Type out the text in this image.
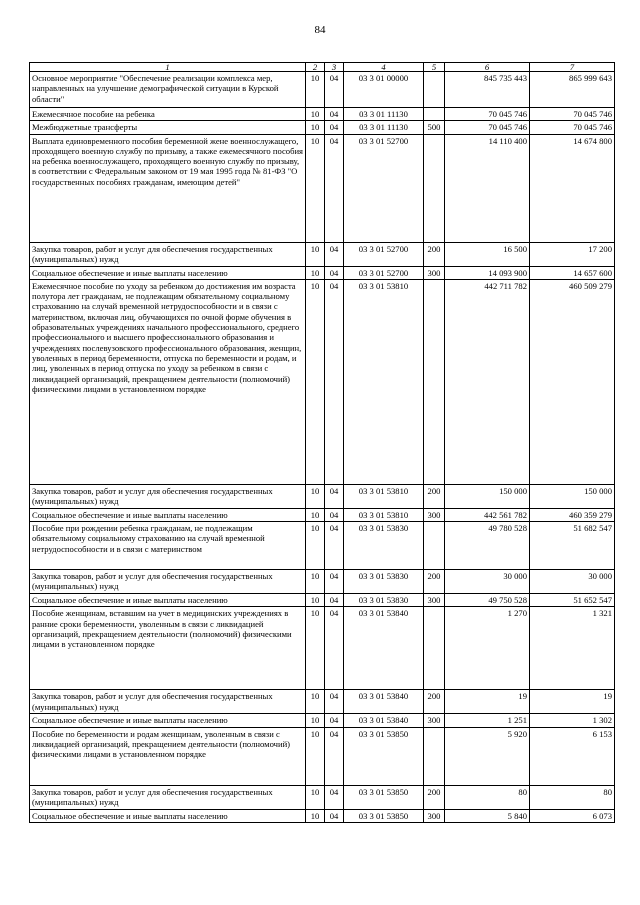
84
1	2	3	4	5	6	7
Основное мероприятие "Обеспечение реализации комплекса мер, направленных на улучшение демографической ситуации в Курской области"	10	04	03 3 01 00000		845 735 443	865 999 643
Ежемесячное пособие на ребенка	10	04	03 3 01 11130		70 045 746	70 045 746
Межбюджетные трансферты	10	04	03 3 01 11130	500	70 045 746	70 045 746
Выплата единовременного пособия беременной жене военнослужащего, проходящего военную службу по призыву, а также ежемесячного пособия на ребенка военнослужащего, проходящего военную службу по призыву, в соответствии с Федеральным законом от 19 мая 1995 года № 81-ФЗ "О государственных пособиях гражданам, имеющим детей"	10	04	03 3 01 52700		14 110 400	14 674 800
Закупка товаров, работ и услуг для обеспечения государственных (муниципальных) нужд	10	04	03 3 01 52700	200	16 500	17 200
Социальное обеспечение и иные выплаты населению	10	04	03 3 01 52700	300	14 093 900	14 657 600
Ежемесячное пособие по уходу за ребенком до достижения им возраста полутора лет гражданам, не подлежащим обязательному социальному страхованию на случай временной нетрудоспособности и в связи с материнством, включая лиц, обучающихся по очной форме обучения в образовательных учреждениях начального профессионального, среднего профессионального и высшего профессионального образования и учреждениях послевузовского профессионального образования, женщин, уволенных в период беременности, отпуска по беременности и родам, и лиц, уволенных в период отпуска по уходу за ребенком в связи с ликвидацией организаций, прекращением деятельности (полномочий) физическими лицами в установленном порядке	10	04	03 3 01 53810		442 711 782	460 509 279
Закупка товаров, работ и услуг для обеспечения государственных (муниципальных) нужд	10	04	03 3 01 53810	200	150 000	150 000
Социальное обеспечение и иные выплаты населению	10	04	03 3 01 53810	300	442 561 782	460 359 279
Пособие при рождении ребенка гражданам, не подлежащим обязательному социальному страхованию на случай временной нетрудоспособности и в связи с материнством	10	04	03 3 01 53830		49 780 528	51 682 547
Закупка товаров, работ и услуг для обеспечения государственных (муниципальных) нужд	10	04	03 3 01 53830	200	30 000	30 000
Социальное обеспечение и иные выплаты населению	10	04	03 3 01 53830	300	49 750 528	51 652 547
Пособие женщинам, вставшим на учет в медицинских учреждениях в ранние сроки беременности, уволенным в связи с ликвидацией организаций, прекращением деятельности (полномочий) физическими лицами в установленном порядке	10	04	03 3 01 53840		1 270	1 321
Закупка товаров, работ и услуг для обеспечения государственных (муниципальных) нужд	10	04	03 3 01 53840	200	19	19
Социальное обеспечение и иные выплаты населению	10	04	03 3 01 53840	300	1 251	1 302
Пособие по беременности и родам женщинам, уволенным в связи с ликвидацией организаций, прекращением деятельности (полномочий) физическими лицами в установленном порядке	10	04	03 3 01 53850		5 920	6 153
Закупка товаров, работ и услуг для обеспечения государственных (муниципальных) нужд	10	04	03 3 01 53850	200	80	80
Социальное обеспечение и иные выплаты населению	10	04	03 3 01 53850	300	5 840	6 073
